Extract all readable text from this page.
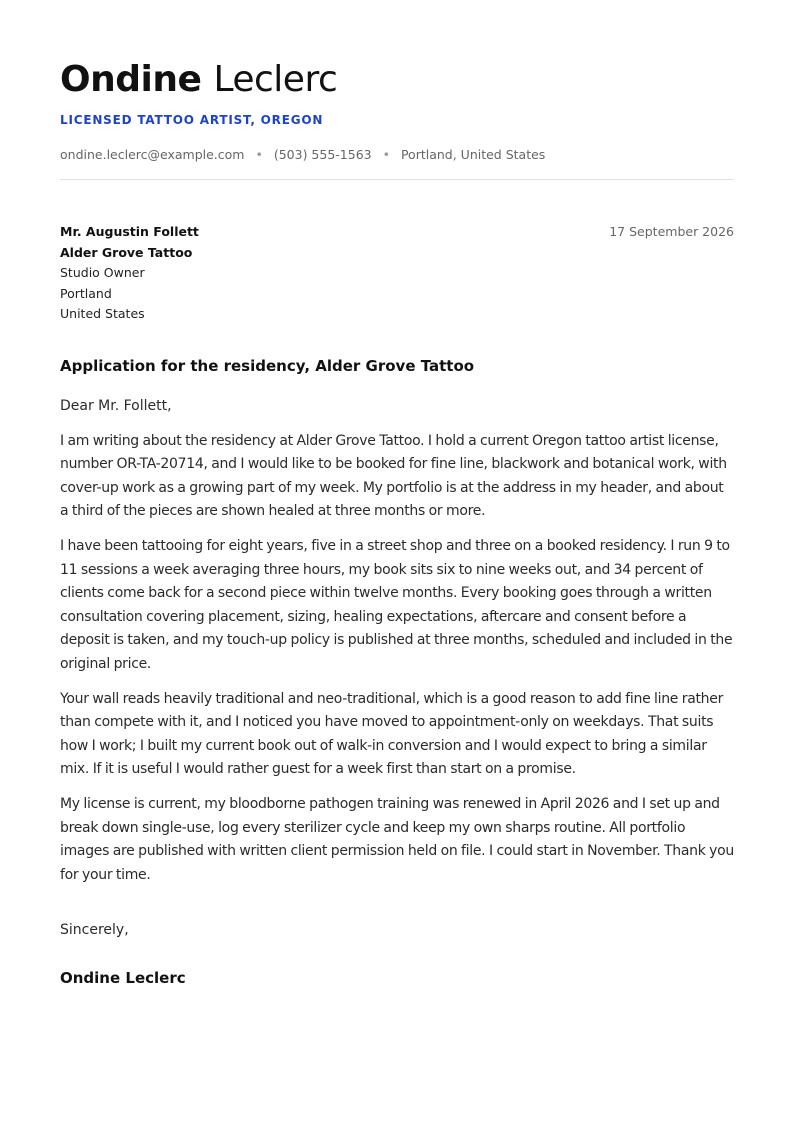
Ondine Leclerc
LICENSED TATTOO ARTIST, OREGON
ondine.leclerc@example.com • (503) 555-1563 • Portland, United States
Mr. Augustin Follett
Alder Grove Tattoo
Studio Owner
Portland
United States
17 September 2026
Application for the residency, Alder Grove Tattoo
Dear Mr. Follett,

I am writing about the residency at Alder Grove Tattoo. I hold a current Oregon tattoo artist license, number OR-TA-20714, and I would like to be booked for fine line, blackwork and botanical work, with cover-up work as a growing part of my week. My portfolio is at the address in my header, and about a third of the pieces are shown healed at three months or more.

I have been tattooing for eight years, five in a street shop and three on a booked residency. I run 9 to 11 sessions a week averaging three hours, my book sits six to nine weeks out, and 34 percent of clients come back for a second piece within twelve months. Every booking goes through a written consultation covering placement, sizing, healing expectations, aftercare and consent before a deposit is taken, and my touch-up policy is published at three months, scheduled and included in the original price.

Your wall reads heavily traditional and neo-traditional, which is a good reason to add fine line rather than compete with it, and I noticed you have moved to appointment-only on weekdays. That suits how I work; I built my current book out of walk-in conversion and I would expect to bring a similar mix. If it is useful I would rather guest for a week first than start on a promise.

My license is current, my bloodborne pathogen training was renewed in April 2026 and I set up and break down single-use, log every sterilizer cycle and keep my own sharps routine. All portfolio images are published with written client permission held on file. I could start in November. Thank you for your time.

Sincerely,
Ondine Leclerc
